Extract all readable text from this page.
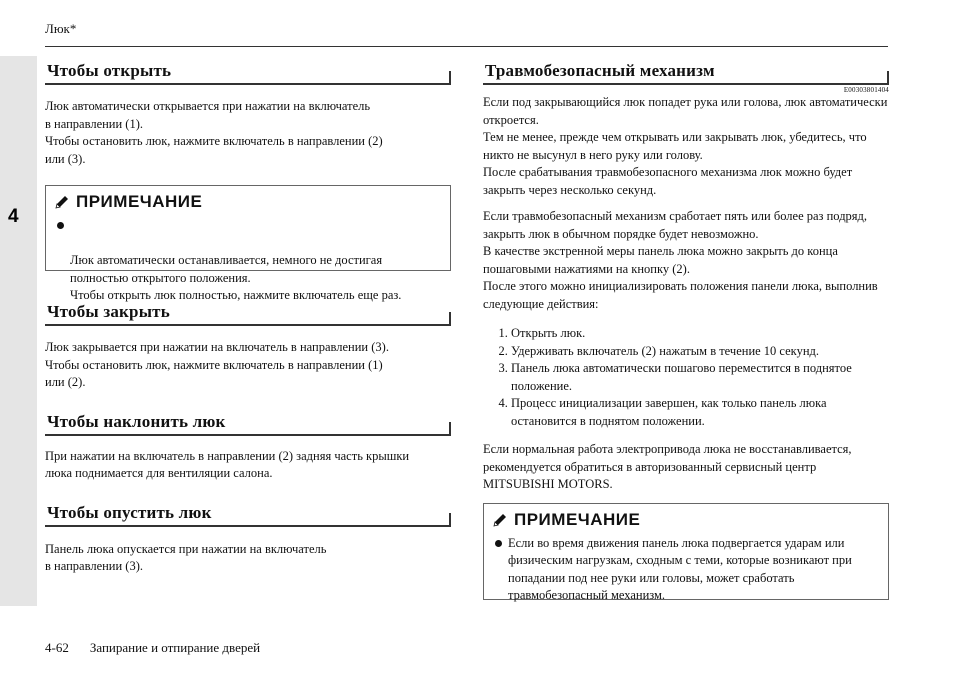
4
Люк*
Чтобы открыть

Люк автоматически открывается при нажатии на включатель
в направлении (1).
Чтобы остановить люк, нажмите включатель в направлении (2)
или (3).

ПРИМЕЧАНИЕ

Люк автоматически останавливается, немного не достигая полностью открытого положения.
Чтобы открыть люк полностью, нажмите включатель еще раз.

Чтобы закрыть

Люк закрывается при нажатии на включатель в направлении (3).
Чтобы остановить люк, нажмите включатель в направлении (1)
или (2).

Чтобы наклонить люк

При нажатии на включатель в направлении (2) задняя часть крышки
люка поднимается для вентиляции салона.

Чтобы опустить люк

Панель люка опускается при нажатии на включатель
в направлении (3).

Травмобезопасный механизм
E00303801404

Если под закрывающийся люк попадет рука или голова, люк автоматически откроется.
Тем не менее, прежде чем открывать или закрывать люк, убедитесь, что никто не высунул в него руку или голову.
После срабатывания травмобезопасного механизма люк можно будет закрыть через несколько секунд.

Если травмобезопасный механизм сработает пять или более раз подряд, закрыть люк в обычном порядке будет невозможно.
В качестве экстренной меры панель люка можно закрыть до конца пошаговыми нажатиями на кнопку (2).
После этого можно инициализировать положения панели люка, выполнив следующие действия:

1. Открыть люк.
2. Удерживать включатель (2) нажатым в течение 10 секунд.
3. Панель люка автоматически пошагово переместится в поднятое положение.
4. Процесс инициализации завершен, как только панель люка остановится в поднятом положении.

Если нормальная работа электропривода люка не восстанавливается, рекомендуется обратиться в авторизованный сервисный центр MITSUBISHI MOTORS.

ПРИМЕЧАНИЕ
Если во время движения панель люка подвергается ударам или физическим нагрузкам, сходным с теми, которые возникают при попадании под нее руки или головы, может сработать травмобезопасный механизм.
4-62 Запирание и отпирание дверей
